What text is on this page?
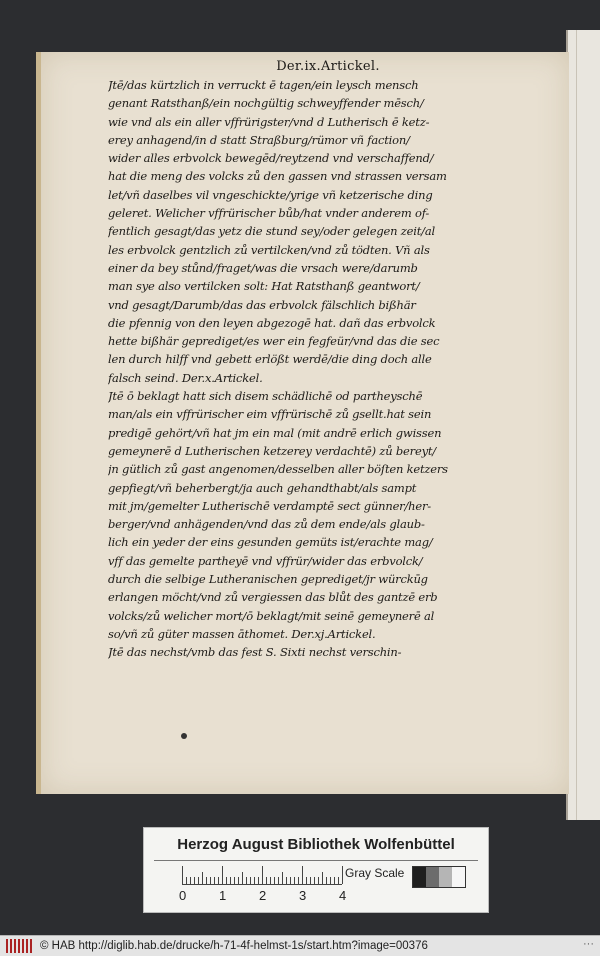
Der.ix.Artickel.
Jtē/das kürtzlich in verruckt ē tagen/ein leysch mensch
genant Ratsthanß/ein nochgültig schweyffender mēsch/
wie vnd als ein aller vffrürigster/vnd d Lutherisch ē ketz-
erey anhagend/in d statt Straßburg/rümor vñ faction/
wider alles erbvolck bewegēd/reytzend vnd verschaffend/
hat die meng des volcks zů den gassen vnd strassen versam
let/vñ daselbes vil vngeschickte/yrige vñ ketzerische ding
geleret. Welicher vffrürischer bůb/hat vnder anderem of-
fentlich gesagt/das yetz die stund sey/oder gelegen zeit/al
les erbvolck gentzlich zů vertilcken/vnd zů tödten. Vñ als
einer da bey stůnd/fraget/was die vrsach were/darumb
man sye also vertilcken solt: Hat Ratsthanß geantwort/
vnd gesagt/Darumb/das das erbvolck fälschlich bißhär
die pfennig von den leyen abgezogē hat. dañ das erbvolck
hette bißhär geprediget/es wer ein fegfeür/vnd das die sec
len durch hilff vnd gebett erlößt werdē/die ding doch alle
falsch seind. Der.x.Artickel.
Jtē ō beklagt hatt sich disem schädlichē od partheyschē
man/als ein vffrürischer eim vffrürischē zů gsellt.hat sein
predigē gehört/vñ hat jm ein mal (mit andrē erlich gwissen
gemeynerē d Lutherischen ketzerey verdachtē) zů bereyt/
jn gütlich zů gast angenomen/desselben aller böſten ketzers
gepfiegt/vñ beherbergt/ja auch gehandthabt/als sampt
mit jm/gemelter Lutherischē verdamptē sect günner/her-
berger/vnd anhägenden/vnd das zů dem ende/als glaub-
lich ein yeder der eins gesunden gemüts ist/erachte mag/
vff das gemelte partheyē vnd vffrür/wider das erbvolck/
durch die selbige Lutheranischen geprediget/jr würckūg
erlangen möcht/vnd zů vergiessen das blůt des gantzē erb
volcks/zů welicher mort/ō beklagt/mit seinē gemeynerē al
so/vñ zů güter massen āthomet. Der.xj.Artickel.
Jtē das nechst/vmb das fest S. Sixti nechst verschin-
Herzog August Bibliothek Wolfenbüttel
0	1	2	3	4
Gray Scale
© HAB http://diglib.hab.de/drucke/h-71-4f-helmst-1s/start.htm?image=00376	···
